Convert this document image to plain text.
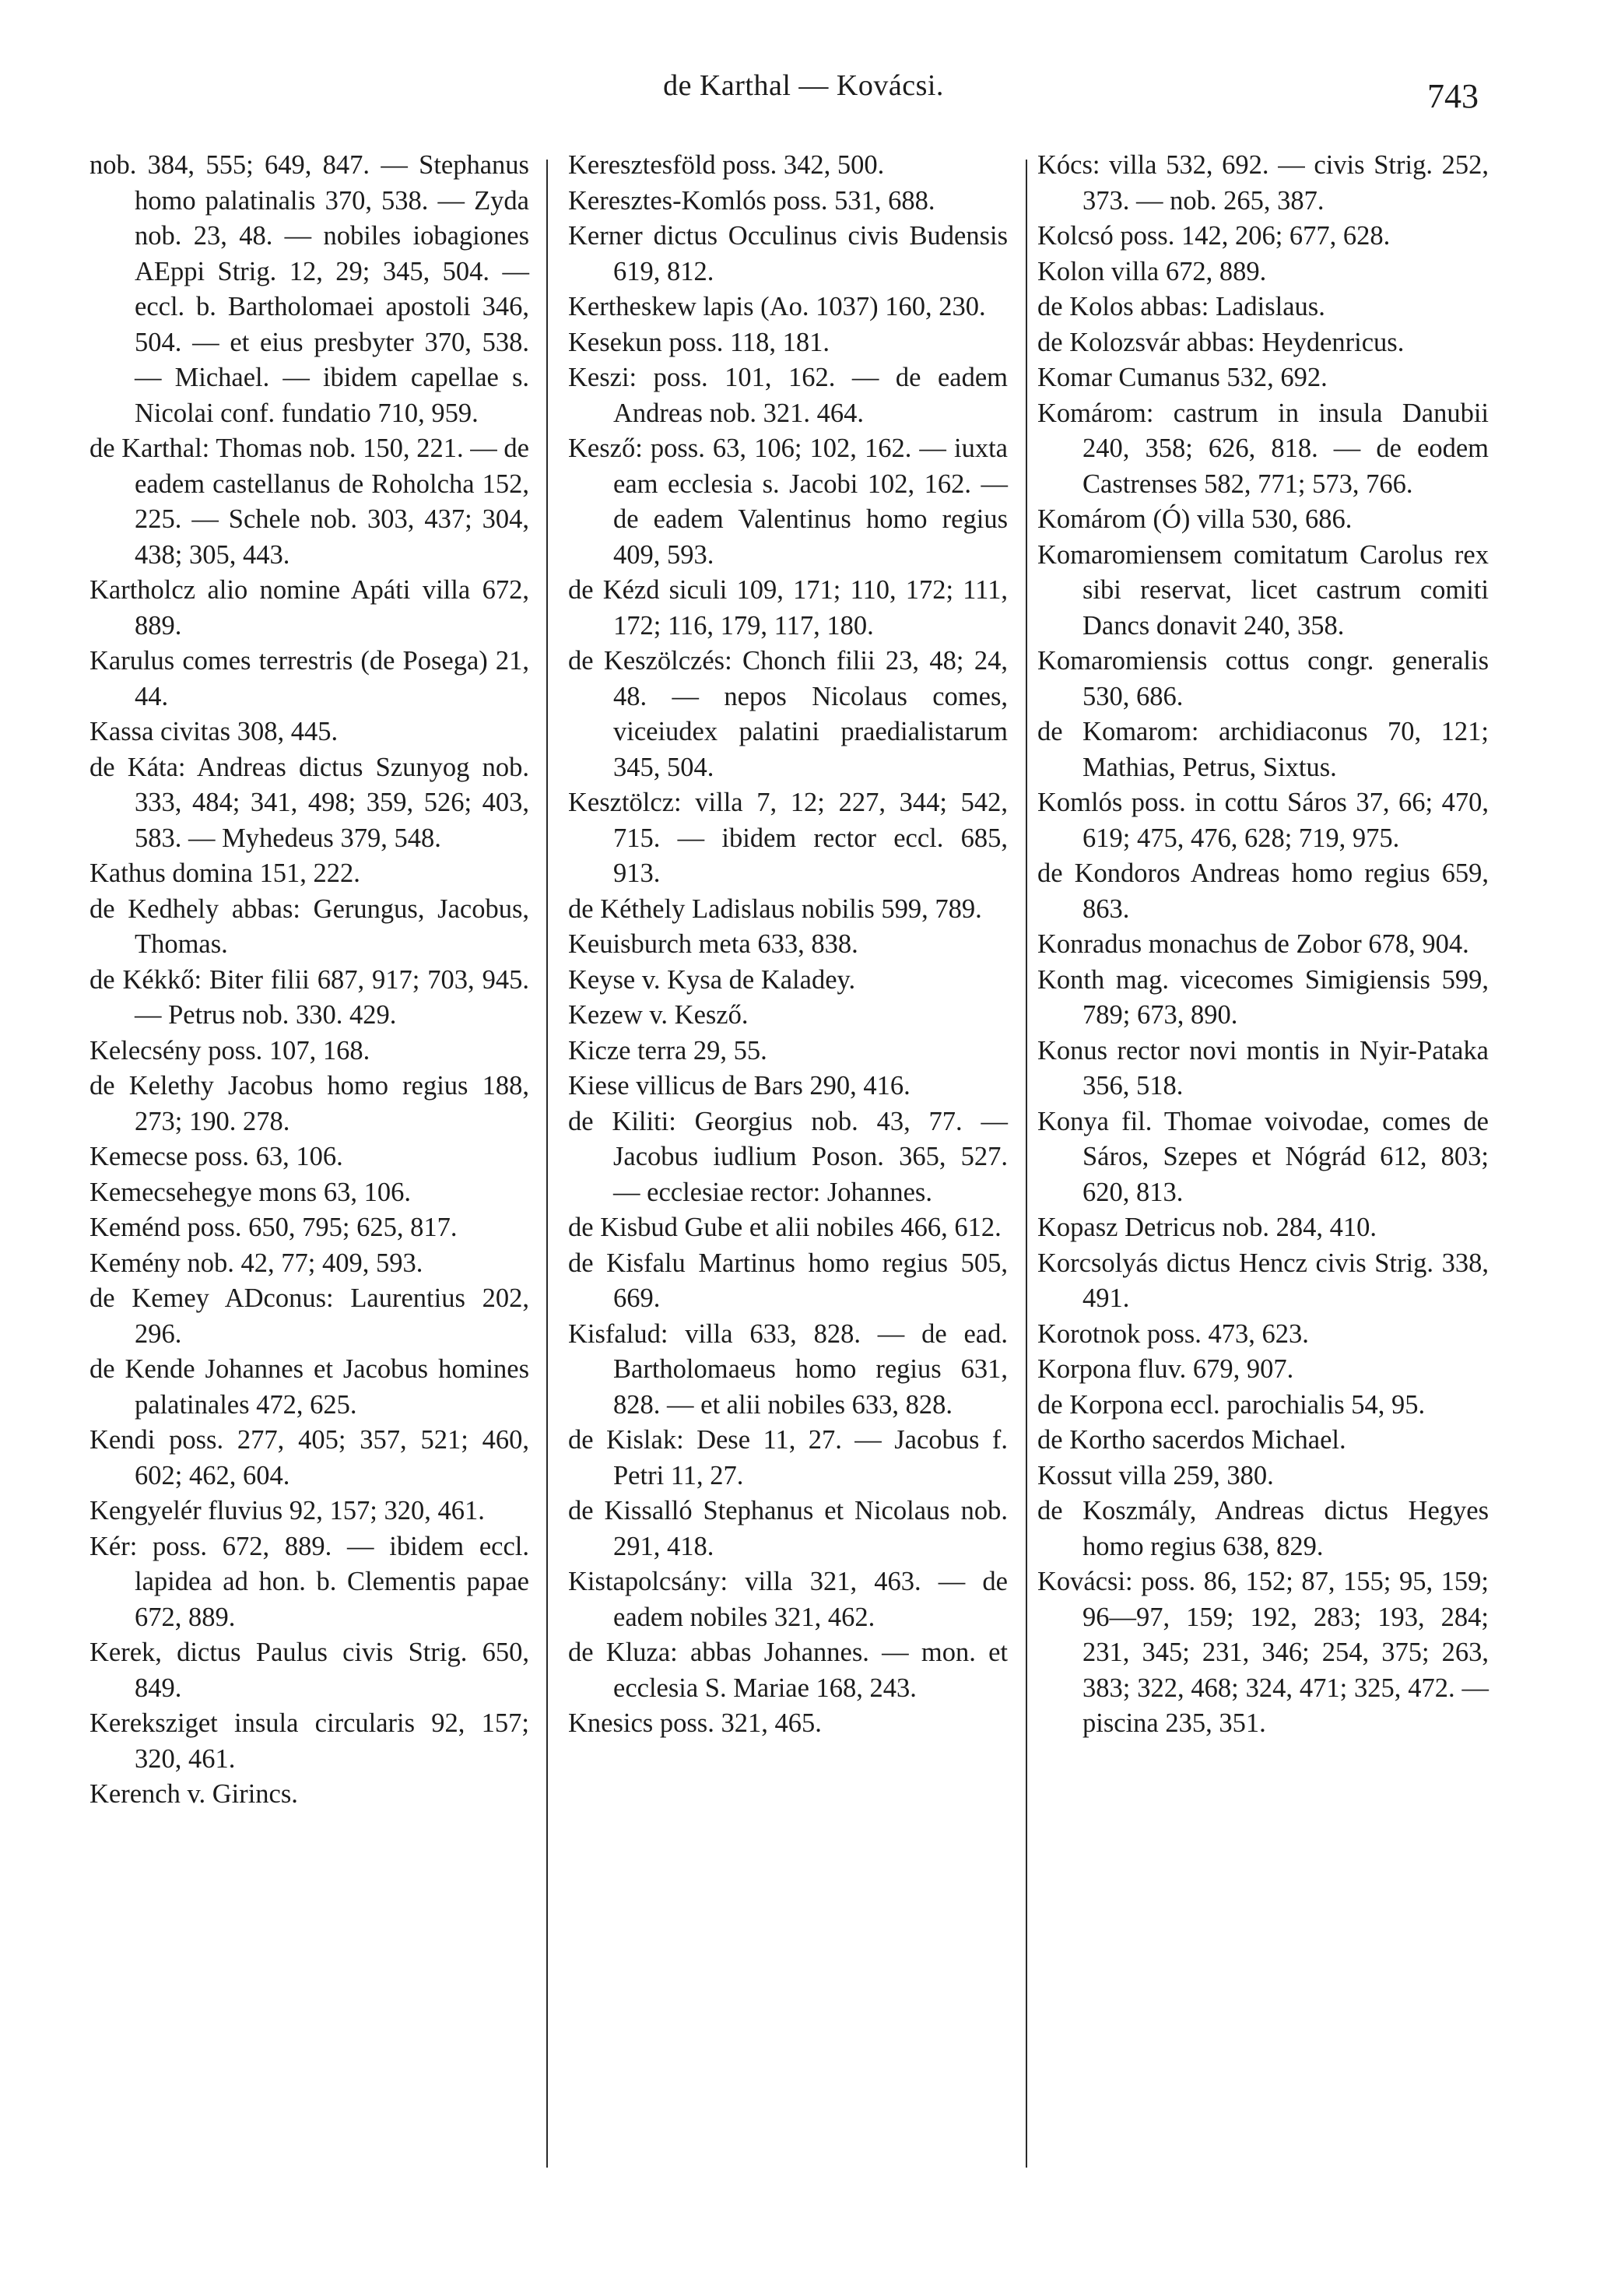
de Karthal — Kovácsi.	743

nob. 384, 555; 649, 847. — Stephanus homo palatinalis 370, 538. — Zyda nob. 23, 48. — nobiles iobagiones AEppi Strig. 12, 29; 345, 504. — eccl. b. Bartholomaei apostoli 346, 504. — et eius presbyter 370, 538. — Michael. — ibidem capellae s. Nicolai conf. fundatio 710, 959.

de Karthal: Thomas nob. 150, 221. — de eadem castellanus de Roholcha 152, 225. — Schele nob. 303, 437; 304, 438; 305, 443.

Kartholcz alio nomine Apáti villa 672, 889.

Karulus comes terrestris (de Posega) 21, 44.

Kassa civitas 308, 445.

de Káta: Andreas dictus Szunyog nob. 333, 484; 341, 498; 359, 526; 403, 583. — Myhedeus 379, 548.

Kathus domina 151, 222.

de Kedhely abbas: Gerungus, Jacobus, Thomas.

de Kékkő: Biter filii 687, 917; 703, 945. — Petrus nob. 330. 429.

Kelecsény poss. 107, 168.

de Kelethy Jacobus homo regius 188, 273; 190. 278.

Kemecse poss. 63, 106.

Kemecsehegye mons 63, 106.

Keménd poss. 650, 795; 625, 817.

Kemény nob. 42, 77; 409, 593.

de Kemey ADconus: Laurentius 202, 296.

de Kende Johannes et Jacobus homines palatinales 472, 625.

Kendi poss. 277, 405; 357, 521; 460, 602; 462, 604.

Kengyelér fluvius 92, 157; 320, 461.

Kér: poss. 672, 889. — ibidem eccl. lapidea ad hon. b. Clementis papae 672, 889.

Kerek, dictus Paulus civis Strig. 650, 849.

Kereksziget insula circularis 92, 157; 320, 461.

Kerench v. Girincs.

Keresztesföld poss. 342, 500.

Keresztes-Komlós poss. 531, 688.

Kerner dictus Occulinus civis Budensis 619, 812.

Kertheskew lapis (Ao. 1037) 160, 230.

Kesekun poss. 118, 181.

Keszi: poss. 101, 162. — de eadem Andreas nob. 321. 464.

Kesző: poss. 63, 106; 102, 162. — iuxta eam ecclesia s. Jacobi 102, 162. — de eadem Valentinus homo regius 409, 593.

de Kézd siculi 109, 171; 110, 172; 111, 172; 116, 179, 117, 180.

de Keszölczés: Chonch filii 23, 48; 24, 48. — nepos Nicolaus comes, viceiudex palatini praedialistarum 345, 504.

Kesztölcz: villa 7, 12; 227, 344; 542, 715. — ibidem rector eccl. 685, 913.

de Kéthely Ladislaus nobilis 599, 789.

Keuisburch meta 633, 838.

Keyse v. Kysa de Kaladey.

Kezew v. Kesző.

Kicze terra 29, 55.

Kiese villicus de Bars 290, 416.

de Kiliti: Georgius nob. 43, 77. — Jacobus iudlium Poson. 365, 527. — ecclesiae rector: Johannes.

de Kisbud Gube et alii nobiles 466, 612.

de Kisfalu Martinus homo regius 505, 669.

Kisfalud: villa 633, 828. — de ead. Bartholomaeus homo regius 631, 828. — et alii nobiles 633, 828.

de Kislak: Dese 11, 27. — Jacobus f. Petri 11, 27.

de Kissalló Stephanus et Nicolaus nob. 291, 418.

Kistapolcsány: villa 321, 463. — de eadem nobiles 321, 462.

de Kluza: abbas Johannes. — mon. et ecclesia S. Mariae 168, 243.

Knesics poss. 321, 465.

Kócs: villa 532, 692. — civis Strig. 252, 373. — nob. 265, 387.

Kolcsó poss. 142, 206; 677, 628.

Kolon villa 672, 889.

de Kolos abbas: Ladislaus.

de Kolozsvár abbas: Heydenricus.

Komar Cumanus 532, 692.

Komárom: castrum in insula Danubii 240, 358; 626, 818. — de eodem Castrenses 582, 771; 573, 766.

Komárom (Ó) villa 530, 686.

Komaromiensem comitatum Carolus rex sibi reservat, licet castrum comiti Dancs donavit 240, 358.

Komaromiensis cottus congr. generalis 530, 686.

de Komarom: archidiaconus 70, 121; Mathias, Petrus, Sixtus.

Komlós poss. in cottu Sáros 37, 66; 470, 619; 475, 476, 628; 719, 975.

de Kondoros Andreas homo regius 659, 863.

Konradus monachus de Zobor 678, 904.

Konth mag. vicecomes Simigiensis 599, 789; 673, 890.

Konus rector novi montis in Nyir-Pataka 356, 518.

Konya fil. Thomae voivodae, comes de Sáros, Szepes et Nógrád 612, 803; 620, 813.

Kopasz Detricus nob. 284, 410.

Korcsolyás dictus Hencz civis Strig. 338, 491.

Korotnok poss. 473, 623.

Korpona fluv. 679, 907.

de Korpona eccl. parochialis 54, 95.

de Kortho sacerdos Michael.

Kossut villa 259, 380.

de Koszmály, Andreas dictus Hegyes homo regius 638, 829.

Kovácsi: poss. 86, 152; 87, 155; 95, 159; 96—97, 159; 192, 283; 193, 284; 231, 345; 231, 346; 254, 375; 263, 383; 322, 468; 324, 471; 325, 472. — piscina 235, 351.
